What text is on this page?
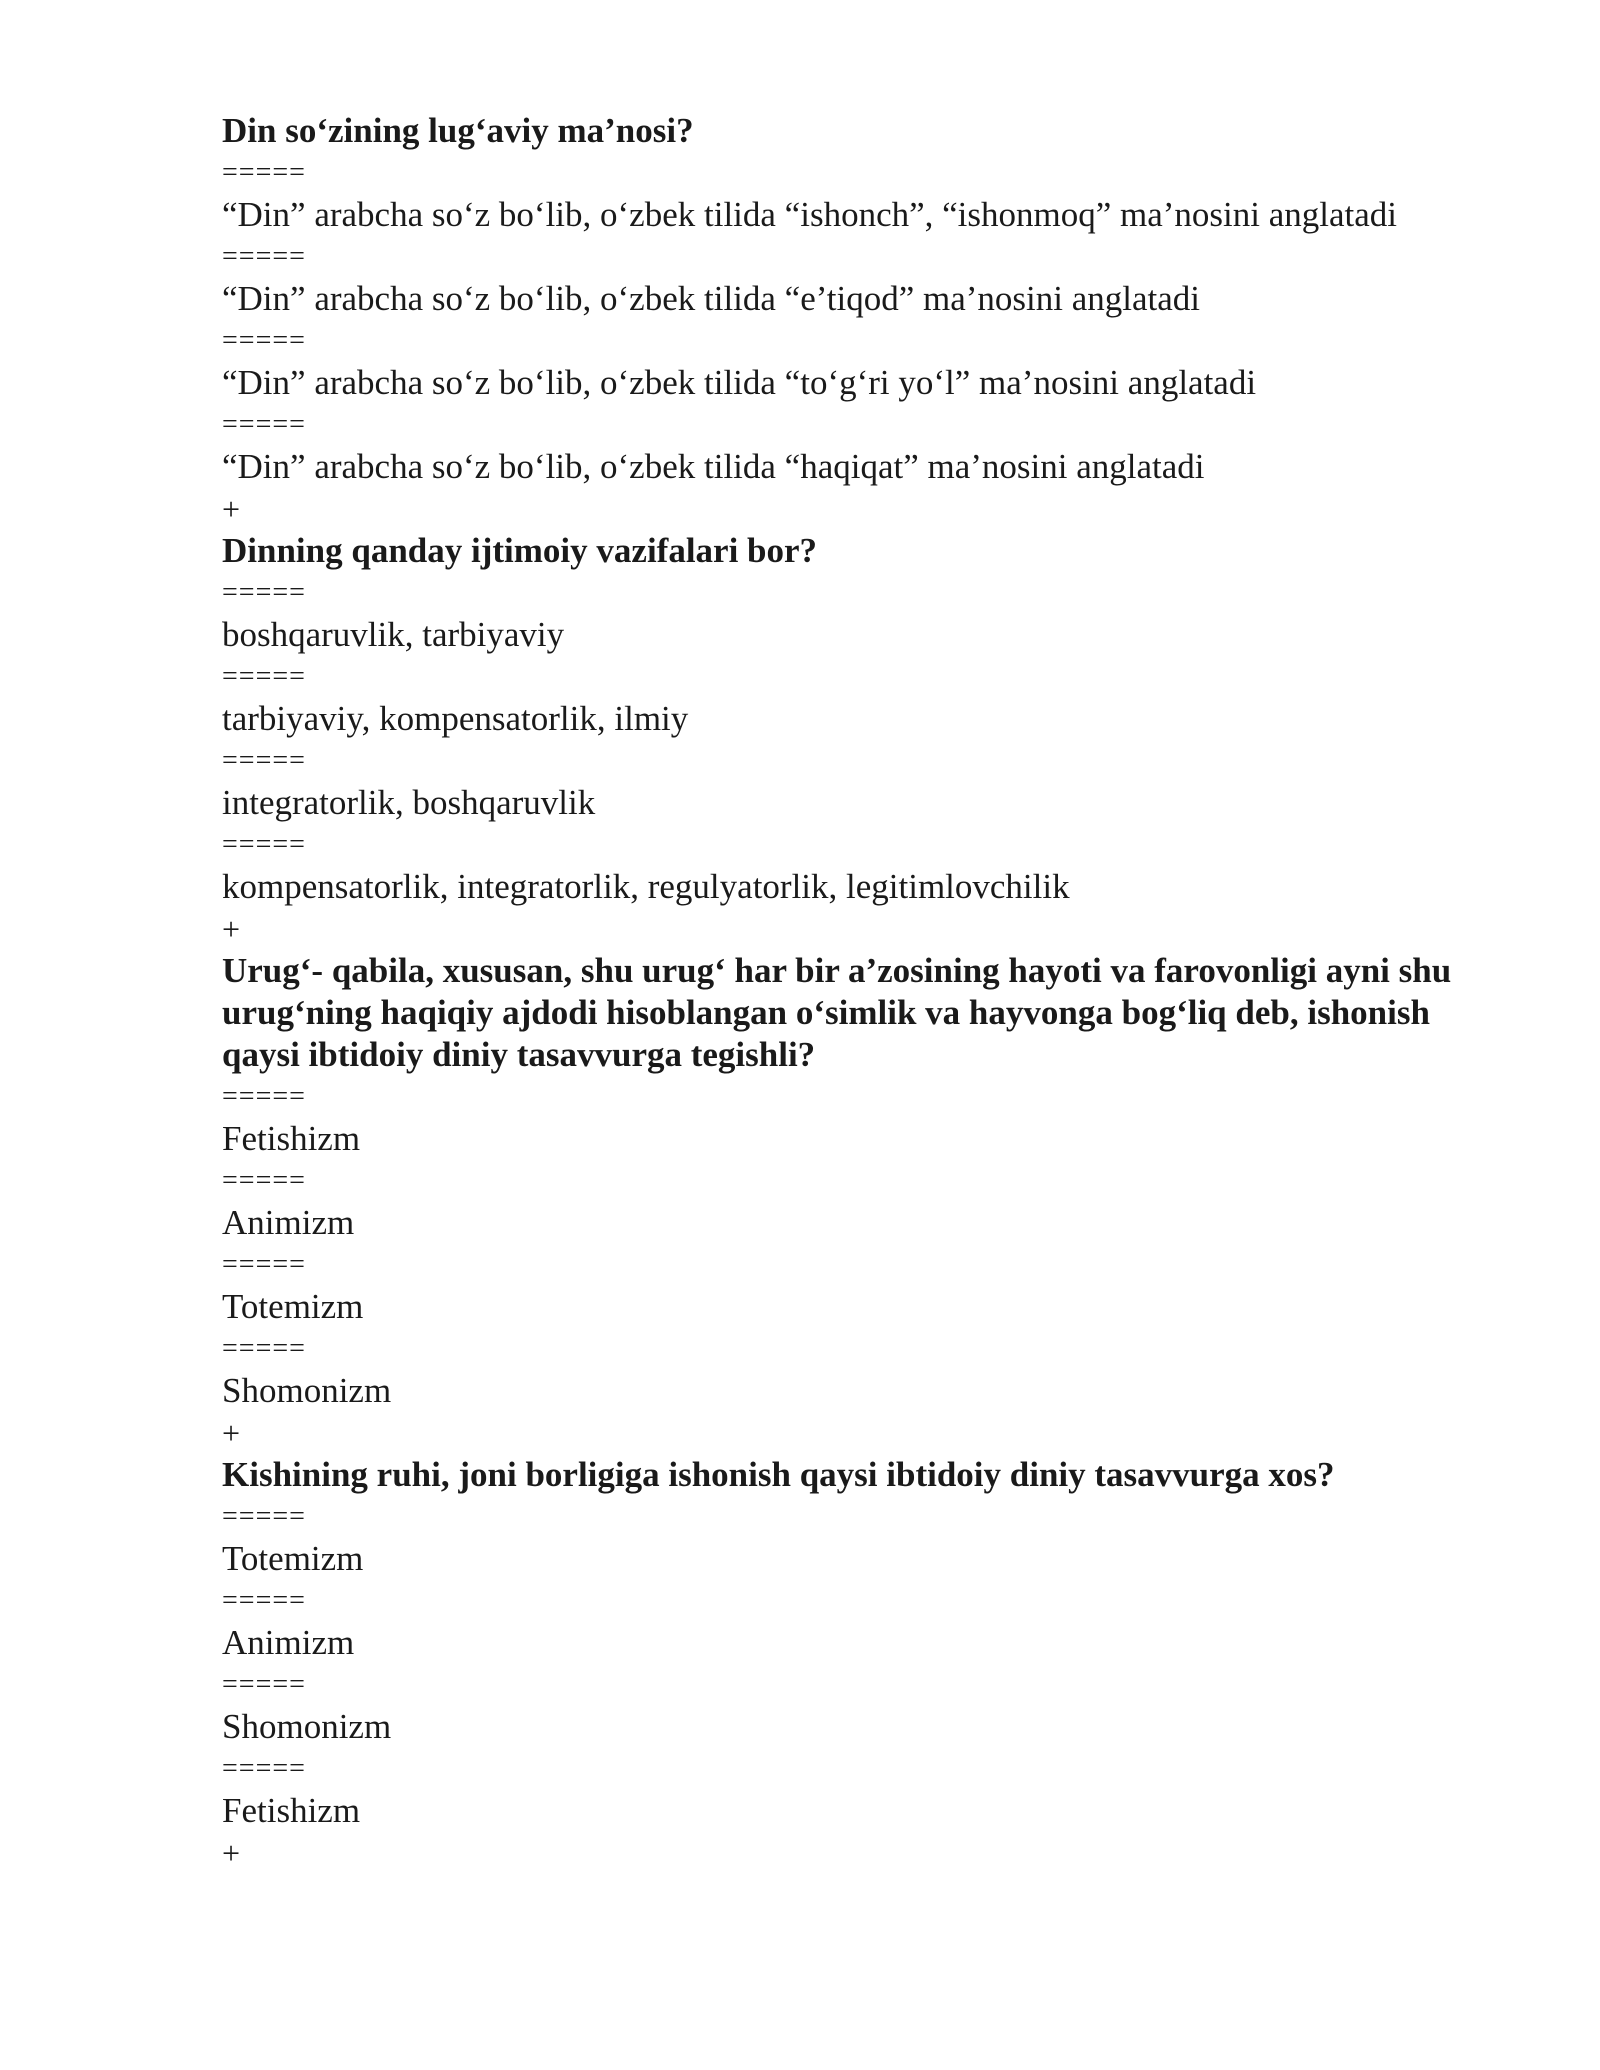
Din so‘zining lug‘aviy ma’nosi?
=====
“Din” arabcha so‘z bo‘lib, o‘zbek tilida “ishonch”, “ishonmoq” ma’nosini anglatadi
=====
“Din” arabcha so‘z bo‘lib, o‘zbek tilida “e’tiqod” ma’nosini anglatadi
=====
“Din” arabcha so‘z bo‘lib, o‘zbek tilida “to‘g‘ri yo‘l” ma’nosini anglatadi
=====
“Din” arabcha so‘z bo‘lib, o‘zbek tilida “haqiqat” ma’nosini anglatadi
+
Dinning qanday ijtimoiy vazifalari bor?
=====
boshqaruvlik, tarbiyaviy
=====
tarbiyaviy, kompensatorlik, ilmiy
=====
integratorlik, boshqaruvlik
=====
kompensatorlik, integratorlik, regulyatorlik, legitimlovchilik
+
Urug‘- qabila, xususan, shu urug‘ har bir a’zosining hayoti va farovonligi ayni shu urug‘ning haqiqiy ajdodi hisoblangan o‘simlik va hayvonga bog‘liq deb, ishonish qaysi ibtidoiy diniy tasavvurga tegishli?
=====
Fetishizm
=====
Animizm
=====
Totemizm
=====
Shomonizm
+
Kishining ruhi, joni borligiga ishonish qaysi ibtidoiy diniy tasavvurga xos?
=====
Totemizm
=====
Animizm
=====
Shomonizm
=====
Fetishizm
+
